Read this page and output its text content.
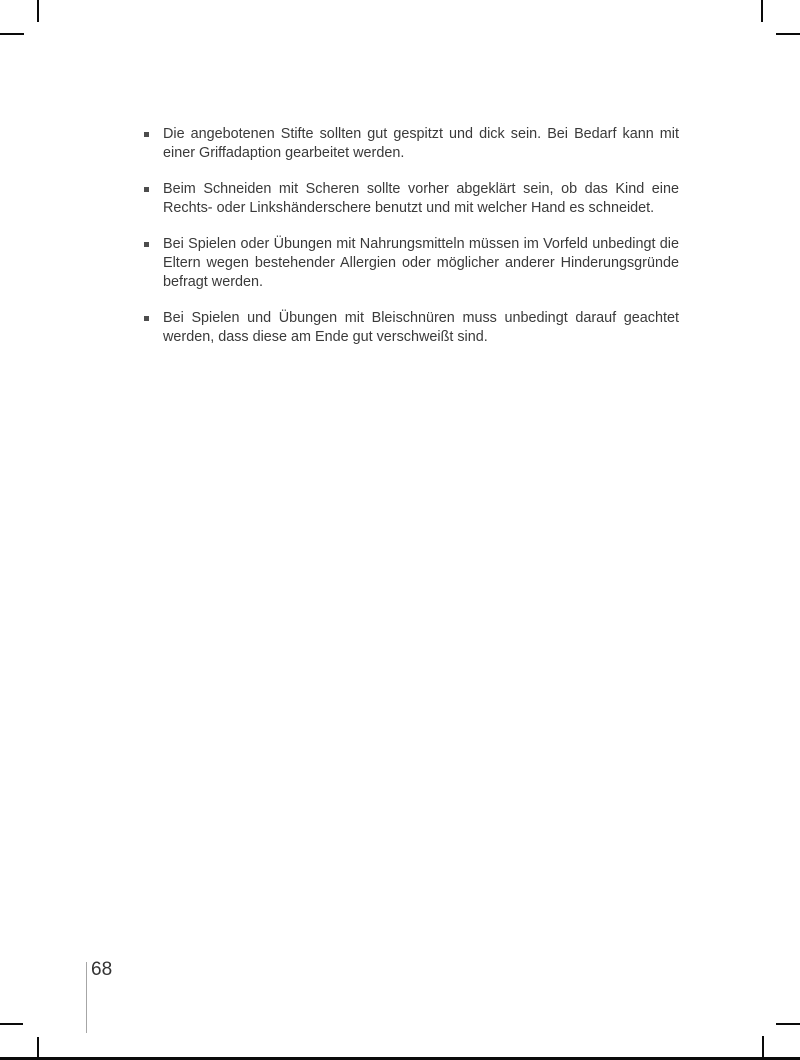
Die angebotenen Stifte sollten gut gespitzt und dick sein. Bei Bedarf kann mit einer Griffadaption gearbeitet werden.

Beim Schneiden mit Scheren sollte vorher abgeklärt sein, ob das Kind eine Rechts- oder Linkshänderschere benutzt und mit welcher Hand es schneidet.

Bei Spielen oder Übungen mit Nahrungsmitteln müssen im Vorfeld unbedingt die Eltern wegen bestehender Allergien oder möglicher anderer Hinderungsgründe befragt werden.

Bei Spielen und Übungen mit Bleischnüren muss unbedingt darauf geachtet werden, dass diese am Ende gut verschweißt sind.

68
